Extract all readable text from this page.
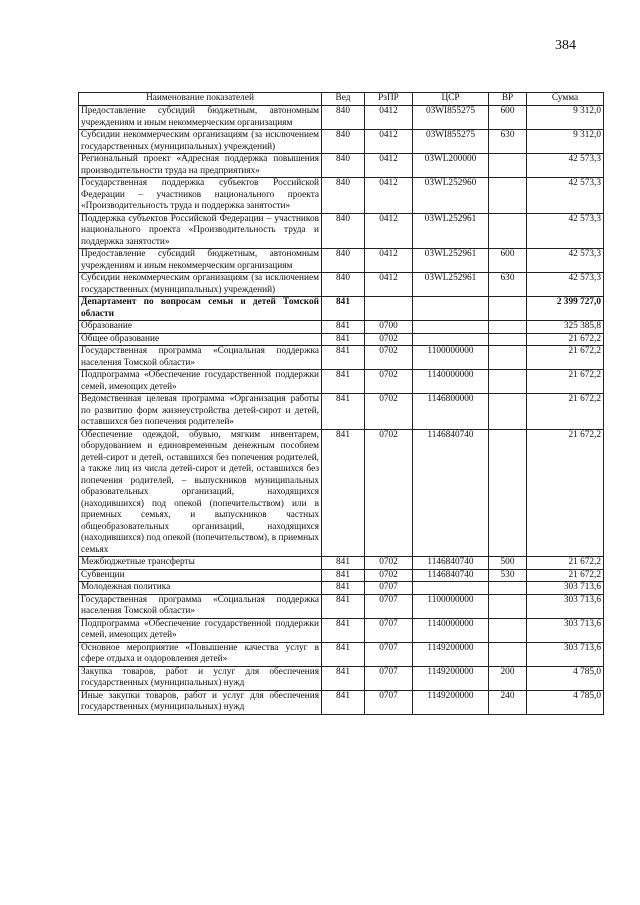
384
Наименование показателей	Вед	РзПР	ЦСР	ВР	Сумма
Предоставление субсидий бюджетным, автономным учреждениям и иным некоммерческим организациям	840	0412	03WI855275	600	9 312,0
Субсидии некоммерческим организациям (за исключением государственных (муниципальных) учреждений)	840	0412	03WI855275	630	9 312,0
Региональный проект «Адресная поддержка повышения производительности труда на предприятиях»	840	0412	03WL200000		42 573,3
Государственная поддержка субъектов Российской Федерации – участников национального проекта «Производительность труда и поддержка занятости»	840	0412	03WL252960		42 573,3
Поддержка субъектов Российской Федерации – участников национального проекта «Производительность труда и поддержка занятости»	840	0412	03WL252961		42 573,3
Предоставление субсидий бюджетным, автономным учреждениям и иным некоммерческим организациям	840	0412	03WL252961	600	42 573,3
Субсидии некоммерческим организациям (за исключением государственных (муниципальных) учреждений)	840	0412	03WL252961	630	42 573,3
Департамент по вопросам семьи и детей Томской области	841				2 399 727,0
Образование	841	0700			325 385,8
Общее образование	841	0702			21 672,2
Государственная программа «Социальная поддержка населения Томской области»	841	0702	1100000000		21 672,2
Подпрограмма «Обеспечение государственной поддержки семей, имеющих детей»	841	0702	1140000000		21 672,2
Ведомственная целевая программа «Организация работы по развитию форм жизнеустройства детей-сирот и детей, оставшихся без попечения родителей»	841	0702	1146800000		21 672,2
Обеспечение одеждой, обувью, мягким инвентарем, оборудованием и единовременным денежным пособием детей-сирот и детей, оставшихся без попечения родителей, а также лиц из числа детей-сирот и детей, оставшихся без попечения родителей, – выпускников муниципальных образовательных организаций, находящихся (находившихся) под опекой (попечительством) или в приемных семьях, и выпускников частных общеобразовательных организаций, находящихся (находившихся) под опекой (попечительством), в приемных семьях	841	0702	1146840740		21 672,2
Межбюджетные трансферты	841	0702	1146840740	500	21 672,2
Субвенции	841	0702	1146840740	530	21 672,2
Молодежная политика	841	0707			303 713,6
Государственная программа «Социальная поддержка населения Томской области»	841	0707	1100000000		303 713,6
Подпрограмма «Обеспечение государственной поддержки семей, имеющих детей»	841	0707	1140000000		303 713,6
Основное мероприятие «Повышение качества услуг в сфере отдыха и оздоровления детей»	841	0707	1149200000		303 713,6
Закупка товаров, работ и услуг для обеспечения государственных (муниципальных) нужд	841	0707	1149200000	200	4 785,0
Иные закупки товаров, работ и услуг для обеспечения государственных (муниципальных) нужд	841	0707	1149200000	240	4 785,0
